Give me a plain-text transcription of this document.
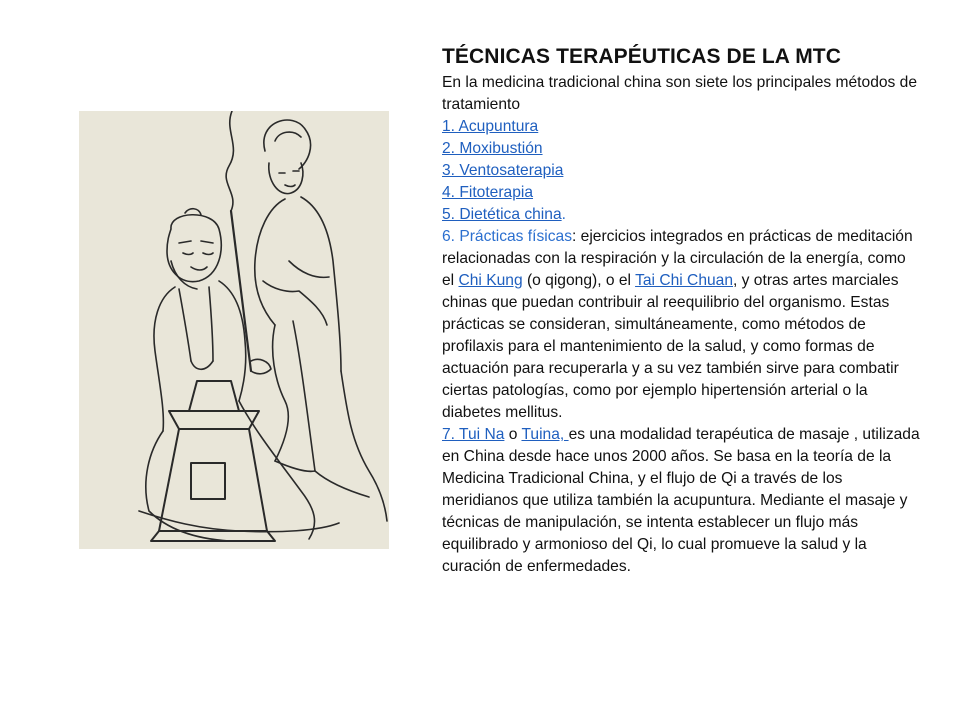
TÉCNICAS TERAPÉUTICAS DE LA MTC

En la medicina tradicional china son siete los principales métodos de tratamiento

1. Acupuntura

2. Moxibustión

3. Ventosaterapia

4. Fitoterapia

5. Dietética china.

6. Prácticas físicas: ejercicios integrados en prácticas de meditación relacionadas con la respiración y la circulación de la energía, como el Chi Kung (o qigong), o el Tai Chi Chuan, y otras artes marciales chinas que puedan contribuir al reequilibrio del organismo. Estas prácticas se consideran, simultáneamente, como métodos de profilaxis para el mantenimiento de la salud, y como formas de actuación para recuperarla y a su vez también sirve para combatir ciertas patologías, como por ejemplo hipertensión arterial o la diabetes mellitus.

7. Tui Na o Tuina, es una modalidad terapéutica de masaje , utilizada en China desde hace unos 2000 años. Se basa en la teoría de la Medicina Tradicional China, y el flujo de Qi a través de los meridianos que utiliza también la acupuntura. Mediante el masaje y técnicas de manipulación, se intenta establecer un flujo más equilibrado y armonioso del Qi, lo cual promueve la salud y la curación de enfermedades.
